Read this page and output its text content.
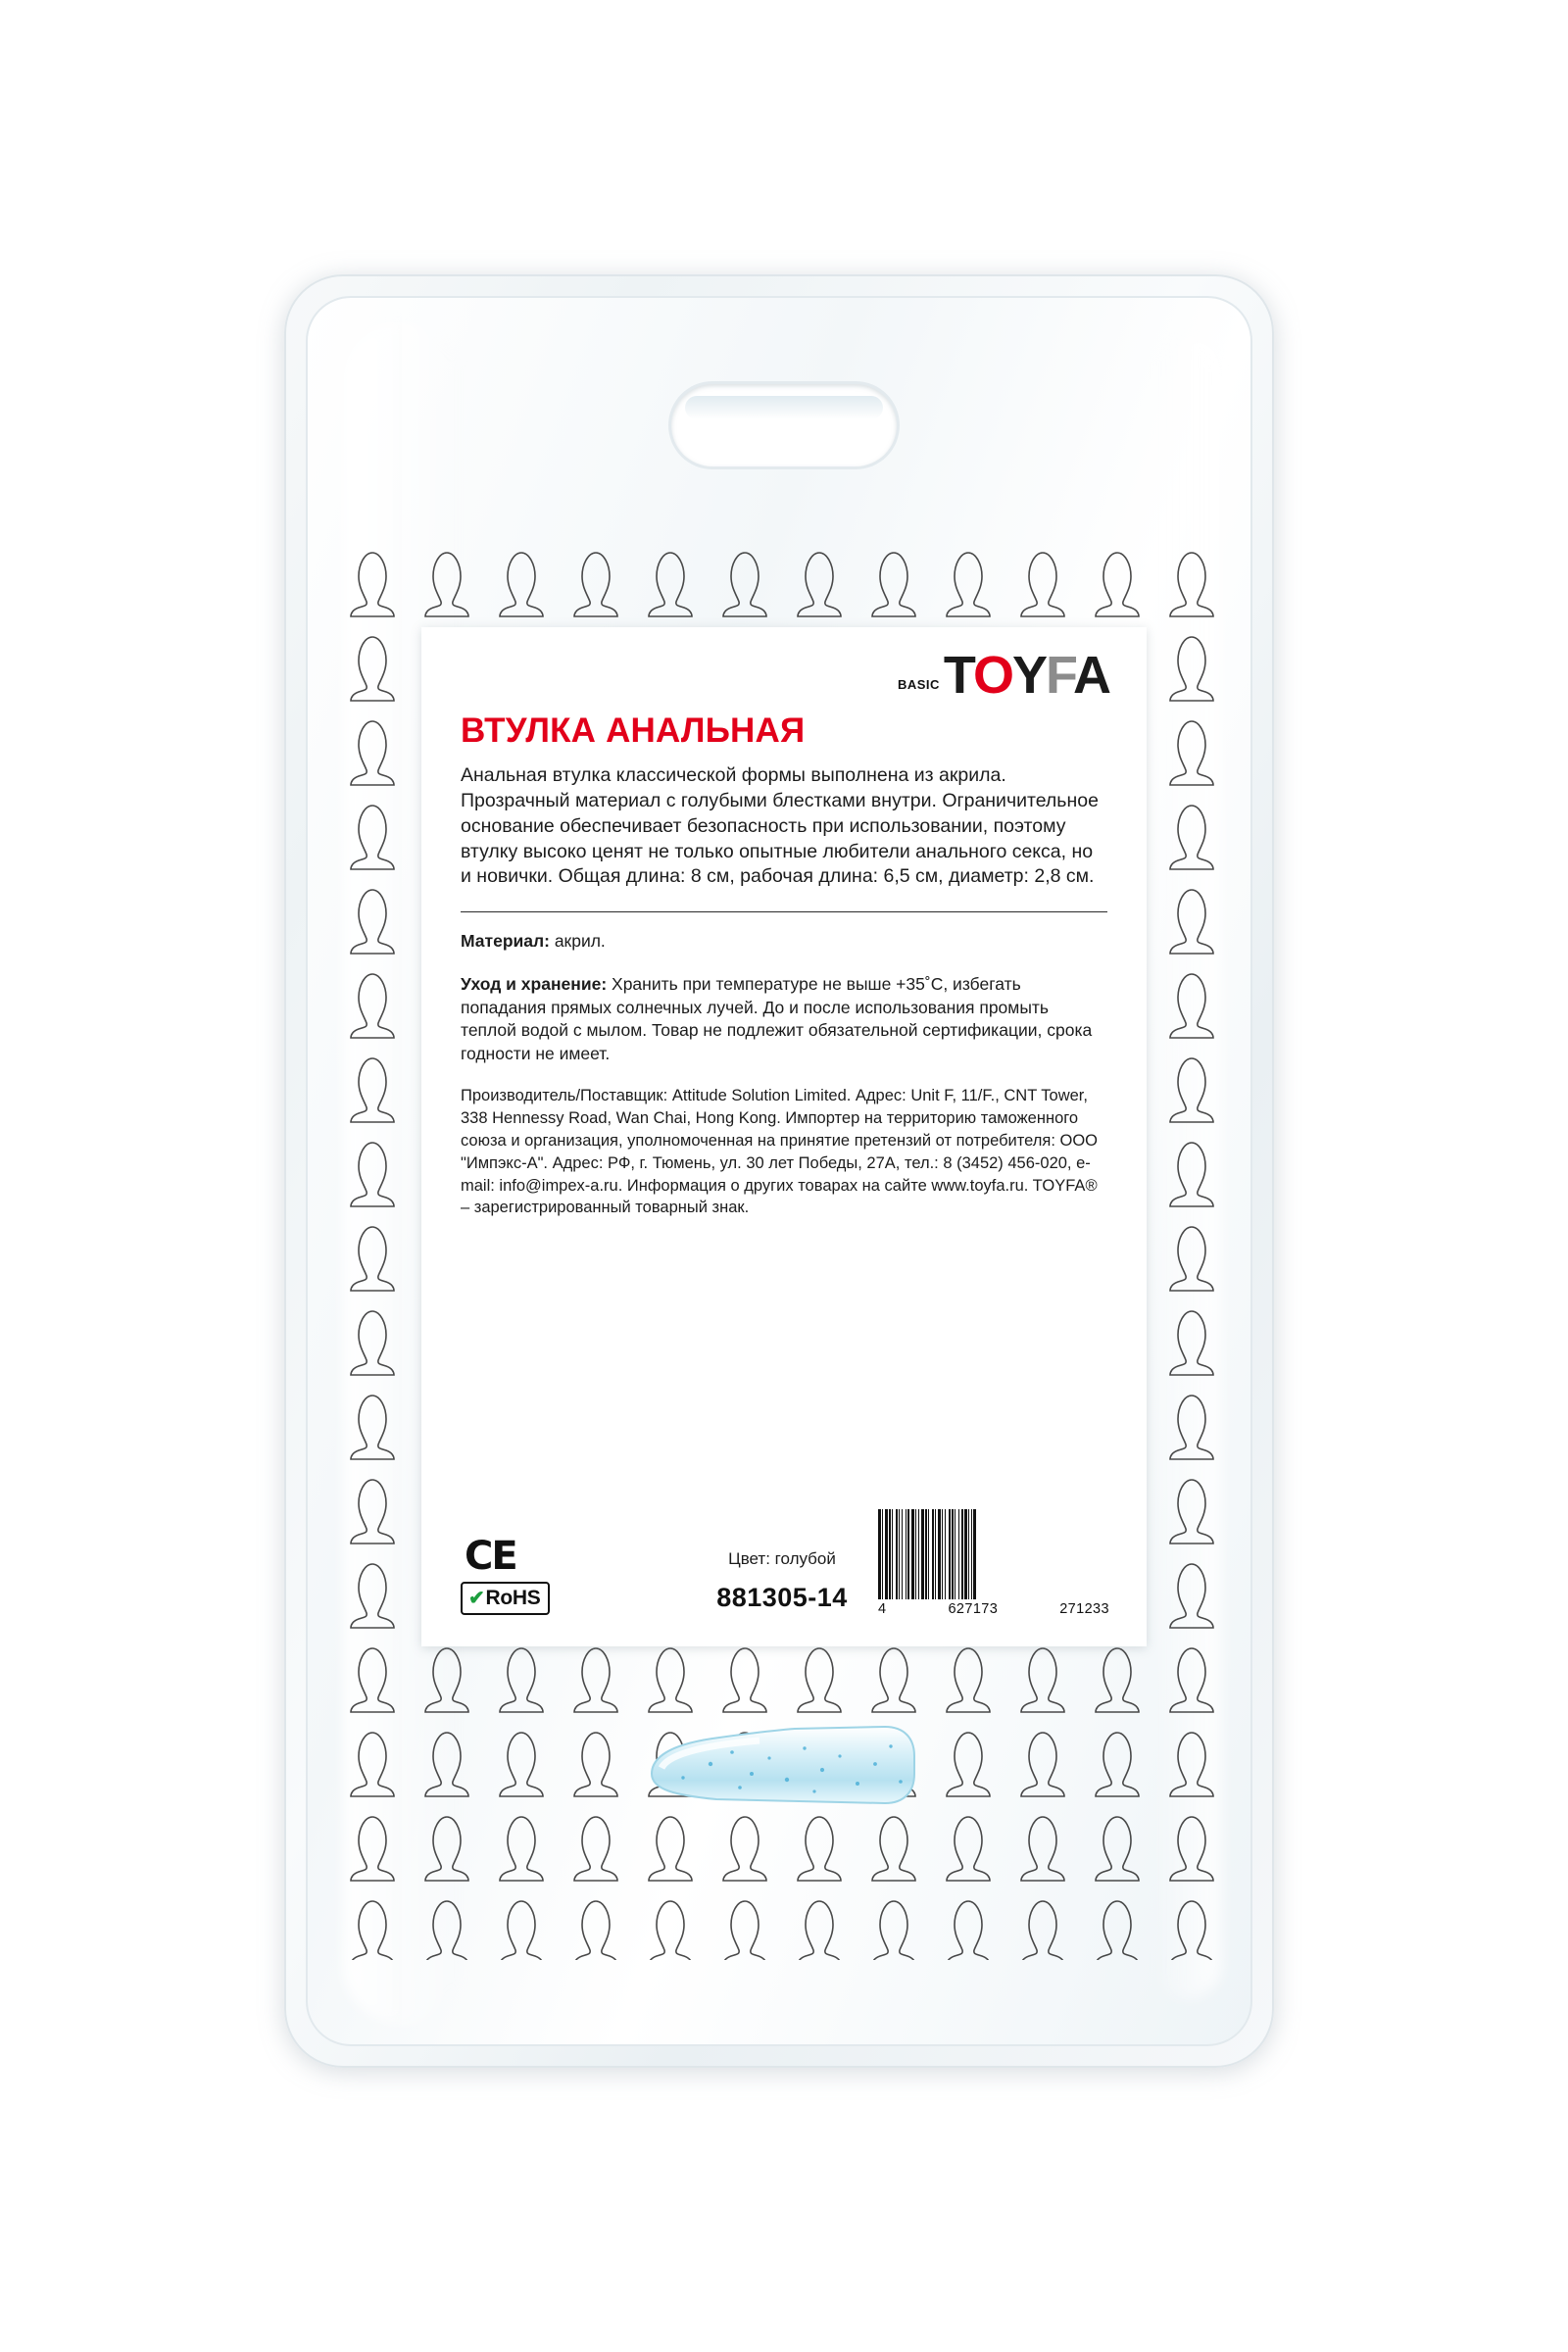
BASICTOYFA
ВТУЛКА АНАЛЬНАЯ

Анальная втулка классической формы выполнена из акрила. Прозрачный материал с голубыми блестками внутри. Ограничительное основание обеспечивает безопасность при использовании, поэтому втулку высоко ценят не только опытные любители анального секса, но и новички. Общая длина: 8 см, рабочая длина: 6,5 см, диаметр: 2,8 см.

Материал: акрил.

Уход и хранение: Хранить при температуре не выше +35˚С, избегать попадания прямых солнечных лучей. До и после использования промыть теплой водой с мылом. Товар не подлежит обязательной сертификации, срока годности не имеет.

Производитель/Поставщик: Attitude Solution Limited. Адрес: Unit F, 11/F., CNT Tower, 338 Hennessy Road, Wan Chai, Hong Kong. Импортер на территорию таможенного союза и организация, уполномоченная на принятие претензий от потребителя: ООО "Импэкс-А". Адрес: РФ, г. Тюмень, ул. 30 лет Победы, 27А, тел.: 8 (3452) 456-020, e-mail: info@impex-a.ru. Информация о других товарах на сайте www.toyfa.ru. TOYFA® – зарегистрированный товарный знак.

CE
✔RoHS
Цвет: голубой
881305-14	4	627173	271233
